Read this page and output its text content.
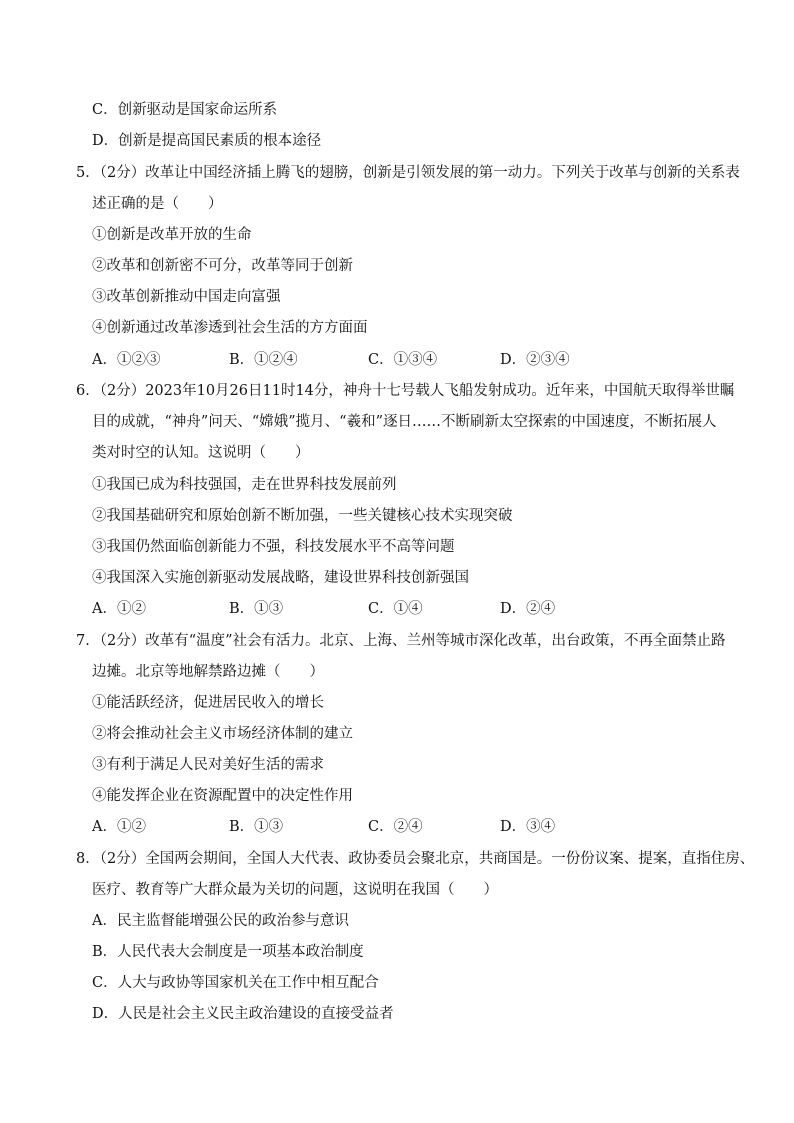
C．创新驱动是国家命运所系
D．创新是提高国民素质的根本途径
5．（2分）改革让中国经济插上腾飞的翅膀，创新是引领发展的第一动力。下列关于改革与创新的关系表
述正确的是（　　）
①创新是改革开放的生命
②改革和创新密不可分，改革等同于创新
③改革创新推动中国走向富强
④创新通过改革渗透到社会生活的方方面面
A．①②③	B．①②④	C．①③④	D．②③④
6．（2分）2023年10月26日11时14分，神舟十七号载人飞船发射成功。近年来，中国航天取得举世瞩
目的成就，“神舟”问天、“嫦娥”揽月、“羲和”逐日……不断刷新太空探索的中国速度，不断拓展人
类对时空的认知。这说明（　　）
①我国已成为科技强国，走在世界科技发展前列
②我国基础研究和原始创新不断加强，一些关键核心技术实现突破
③我国仍然面临创新能力不强，科技发展水平不高等问题
④我国深入实施创新驱动发展战略，建设世界科技创新强国
A．①②	B．①③	C．①④	D．②④
7．（2分）改革有“温度”社会有活力。北京、上海、兰州等城市深化改革，出台政策，不再全面禁止路
边摊。北京等地解禁路边摊（　　）
①能活跃经济，促进居民收入的增长
②将会推动社会主义市场经济体制的建立
③有利于满足人民对美好生活的需求
④能发挥企业在资源配置中的决定性作用
A．①②	B．①③	C．②④	D．③④
8．（2分）全国两会期间，全国人大代表、政协委员会聚北京，共商国是。一份份议案、提案，直指住房、
医疗、教育等广大群众最为关切的问题，这说明在我国（　　）
A．民主监督能增强公民的政治参与意识
B．人民代表大会制度是一项基本政治制度
C．人大与政协等国家机关在工作中相互配合
D．人民是社会主义民主政治建设的直接受益者
